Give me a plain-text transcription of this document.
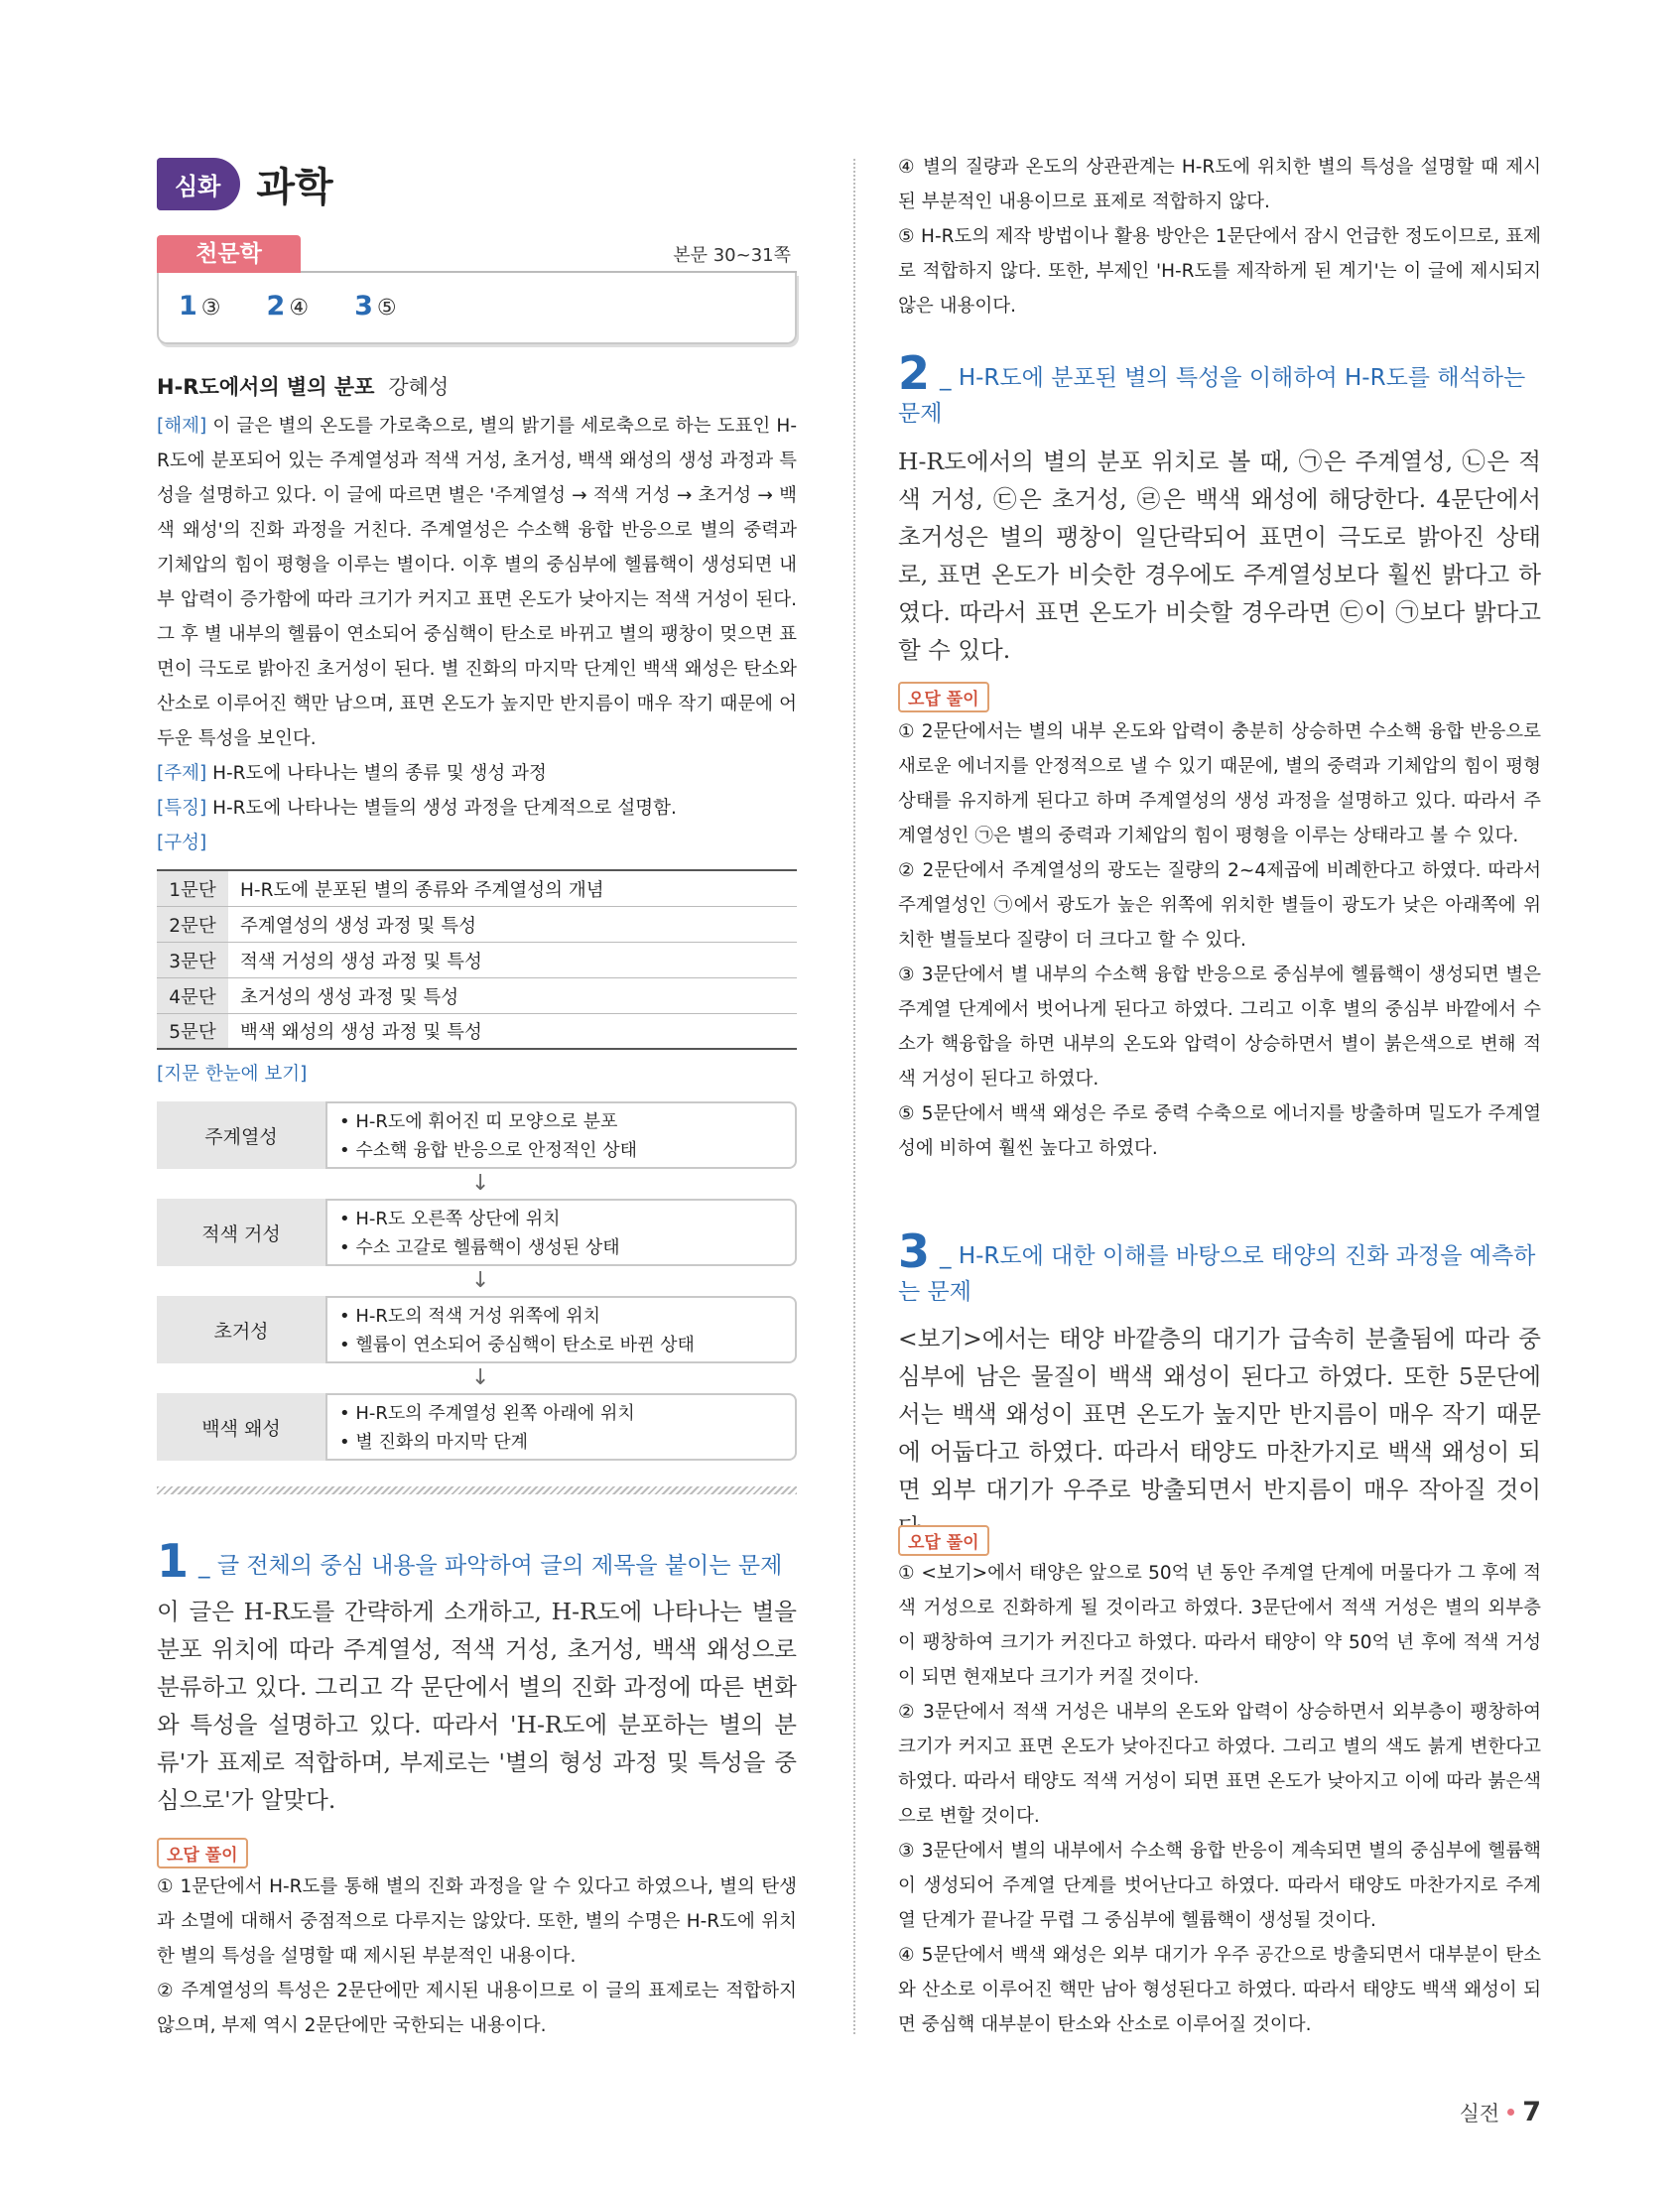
심화 과학
천문학	본문 30~31쪽
1 ③ 2 ④ 3 ⑤
H-R도에서의 별의 분포 강혜성

[해제] 이 글은 별의 온도를 가로축으로, 별의 밝기를 세로축으로 하는 도표인 H-R도에 분포되어 있는 주계열성과 적색 거성, 초거성, 백색 왜성의 생성 과정과 특성을 설명하고 있다. 이 글에 따르면 별은 '주계열성 → 적색 거성 → 초거성 → 백색 왜성'의 진화 과정을 거친다. 주계열성은 수소핵 융합 반응으로 별의 중력과 기체압의 힘이 평형을 이루는 별이다. 이후 별의 중심부에 헬륨핵이 생성되면 내부 압력이 증가함에 따라 크기가 커지고 표면 온도가 낮아지는 적색 거성이 된다. 그 후 별 내부의 헬륨이 연소되어 중심핵이 탄소로 바뀌고 별의 팽창이 멎으면 표면이 극도로 밝아진 초거성이 된다. 별 진화의 마지막 단계인 백색 왜성은 탄소와 산소로 이루어진 핵만 남으며, 표면 온도가 높지만 반지름이 매우 작기 때문에 어두운 특성을 보인다.

[주제] H-R도에 나타나는 별의 종류 및 생성 과정

[특징] H-R도에 나타나는 별들의 생성 과정을 단계적으로 설명함.

[구성]

1문단	H-R도에 분포된 별의 종류와 주계열성의 개념
2문단	주계열성의 생성 과정 및 특성
3문단	적색 거성의 생성 과정 및 특성
4문단	초거성의 생성 과정 및 특성
5문단	백색 왜성의 생성 과정 및 특성
[지문 한눈에 보기]
주계열성
• H-R도에 휘어진 띠 모양으로 분포
• 수소핵 융합 반응으로 안정적인 상태
↓
적색 거성
• H-R도 오른쪽 상단에 위치
• 수소 고갈로 헬륨핵이 생성된 상태
↓
초거성
• H-R도의 적색 거성 위쪽에 위치
• 헬륨이 연소되어 중심핵이 탄소로 바뀐 상태
↓
백색 왜성
• H-R도의 주계열성 왼쪽 아래에 위치
• 별 진화의 마지막 단계
1 _ 글 전체의 중심 내용을 파악하여 글의 제목을 붙이는 문제
이 글은 H-R도를 간략하게 소개하고, H-R도에 나타나는 별을 분포 위치에 따라 주계열성, 적색 거성, 초거성, 백색 왜성으로 분류하고 있다. 그리고 각 문단에서 별의 진화 과정에 따른 변화와 특성을 설명하고 있다. 따라서 'H-R도에 분포하는 별의 분류'가 표제로 적합하며, 부제로는 '별의 형성 과정 및 특성을 중심으로'가 알맞다.
오답 풀이

① 1문단에서 H-R도를 통해 별의 진화 과정을 알 수 있다고 하였으나, 별의 탄생과 소멸에 대해서 중점적으로 다루지는 않았다. 또한, 별의 수명은 H-R도에 위치한 별의 특성을 설명할 때 제시된 부분적인 내용이다.

② 주계열성의 특성은 2문단에만 제시된 내용이므로 이 글의 표제로는 적합하지 않으며, 부제 역시 2문단에만 국한되는 내용이다.

④ 별의 질량과 온도의 상관관계는 H-R도에 위치한 별의 특성을 설명할 때 제시된 부분적인 내용이므로 표제로 적합하지 않다.

⑤ H-R도의 제작 방법이나 활용 방안은 1문단에서 잠시 언급한 정도이므로, 표제로 적합하지 않다. 또한, 부제인 'H-R도를 제작하게 된 계기'는 이 글에 제시되지 않은 내용이다.

2 _ H-R도에 분포된 별의 특성을 이해하여 H-R도를 해석하는 문제
H-R도에서의 별의 분포 위치로 볼 때, ㉠은 주계열성, ㉡은 적색 거성, ㉢은 초거성, ㉣은 백색 왜성에 해당한다. 4문단에서 초거성은 별의 팽창이 일단락되어 표면이 극도로 밝아진 상태로, 표면 온도가 비슷한 경우에도 주계열성보다 훨씬 밝다고 하였다. 따라서 표면 온도가 비슷할 경우라면 ㉢이 ㉠보다 밝다고 할 수 있다.
오답 풀이

① 2문단에서는 별의 내부 온도와 압력이 충분히 상승하면 수소핵 융합 반응으로 새로운 에너지를 안정적으로 낼 수 있기 때문에, 별의 중력과 기체압의 힘이 평형 상태를 유지하게 된다고 하며 주계열성의 생성 과정을 설명하고 있다. 따라서 주계열성인 ㉠은 별의 중력과 기체압의 힘이 평형을 이루는 상태라고 볼 수 있다.

② 2문단에서 주계열성의 광도는 질량의 2~4제곱에 비례한다고 하였다. 따라서 주계열성인 ㉠에서 광도가 높은 위쪽에 위치한 별들이 광도가 낮은 아래쪽에 위치한 별들보다 질량이 더 크다고 할 수 있다.

③ 3문단에서 별 내부의 수소핵 융합 반응으로 중심부에 헬륨핵이 생성되면 별은 주계열 단계에서 벗어나게 된다고 하였다. 그리고 이후 별의 중심부 바깥에서 수소가 핵융합을 하면 내부의 온도와 압력이 상승하면서 별이 붉은색으로 변해 적색 거성이 된다고 하였다.

⑤ 5문단에서 백색 왜성은 주로 중력 수축으로 에너지를 방출하며 밀도가 주계열성에 비하여 훨씬 높다고 하였다.

3 _ H-R도에 대한 이해를 바탕으로 태양의 진화 과정을 예측하는 문제
<보기>에서는 태양 바깥층의 대기가 급속히 분출됨에 따라 중심부에 남은 물질이 백색 왜성이 된다고 하였다. 또한 5문단에서는 백색 왜성이 표면 온도가 높지만 반지름이 매우 작기 때문에 어둡다고 하였다. 따라서 태양도 마찬가지로 백색 왜성이 되면 외부 대기가 우주로 방출되면서 반지름이 매우 작아질 것이
오답 풀이

① <보기>에서 태양은 앞으로 50억 년 동안 주계열 단계에 머물다가 그 후에 적색 거성으로 진화하게 될 것이라고 하였다. 3문단에서 적색 거성은 별의 외부층이 팽창하여 크기가 커진다고 하였다. 따라서 태양이 약 50억 년 후에 적색 거성이 되면 현재보다 크기가 커질 것이다.

② 3문단에서 적색 거성은 내부의 온도와 압력이 상승하면서 외부층이 팽창하여 크기가 커지고 표면 온도가 낮아진다고 하였다. 그리고 별의 색도 붉게 변한다고 하였다. 따라서 태양도 적색 거성이 되면 표면 온도가 낮아지고 이에 따라 붉은색으로 변할 것이다.

③ 3문단에서 별의 내부에서 수소핵 융합 반응이 계속되면 별의 중심부에 헬륨핵이 생성되어 주계열 단계를 벗어난다고 하였다. 따라서 태양도 마찬가지로 주계열 단계가 끝나갈 무렵 그 중심부에 헬륨핵이 생성될 것이다.

④ 5문단에서 백색 왜성은 외부 대기가 우주 공간으로 방출되면서 대부분이 탄소와 산소로 이루어진 핵만 남아 형성된다고 하였다. 따라서 태양도 백색 왜성이 되면 중심핵 대부분이 탄소와 산소로 이루어질 것이다.

실전 7
